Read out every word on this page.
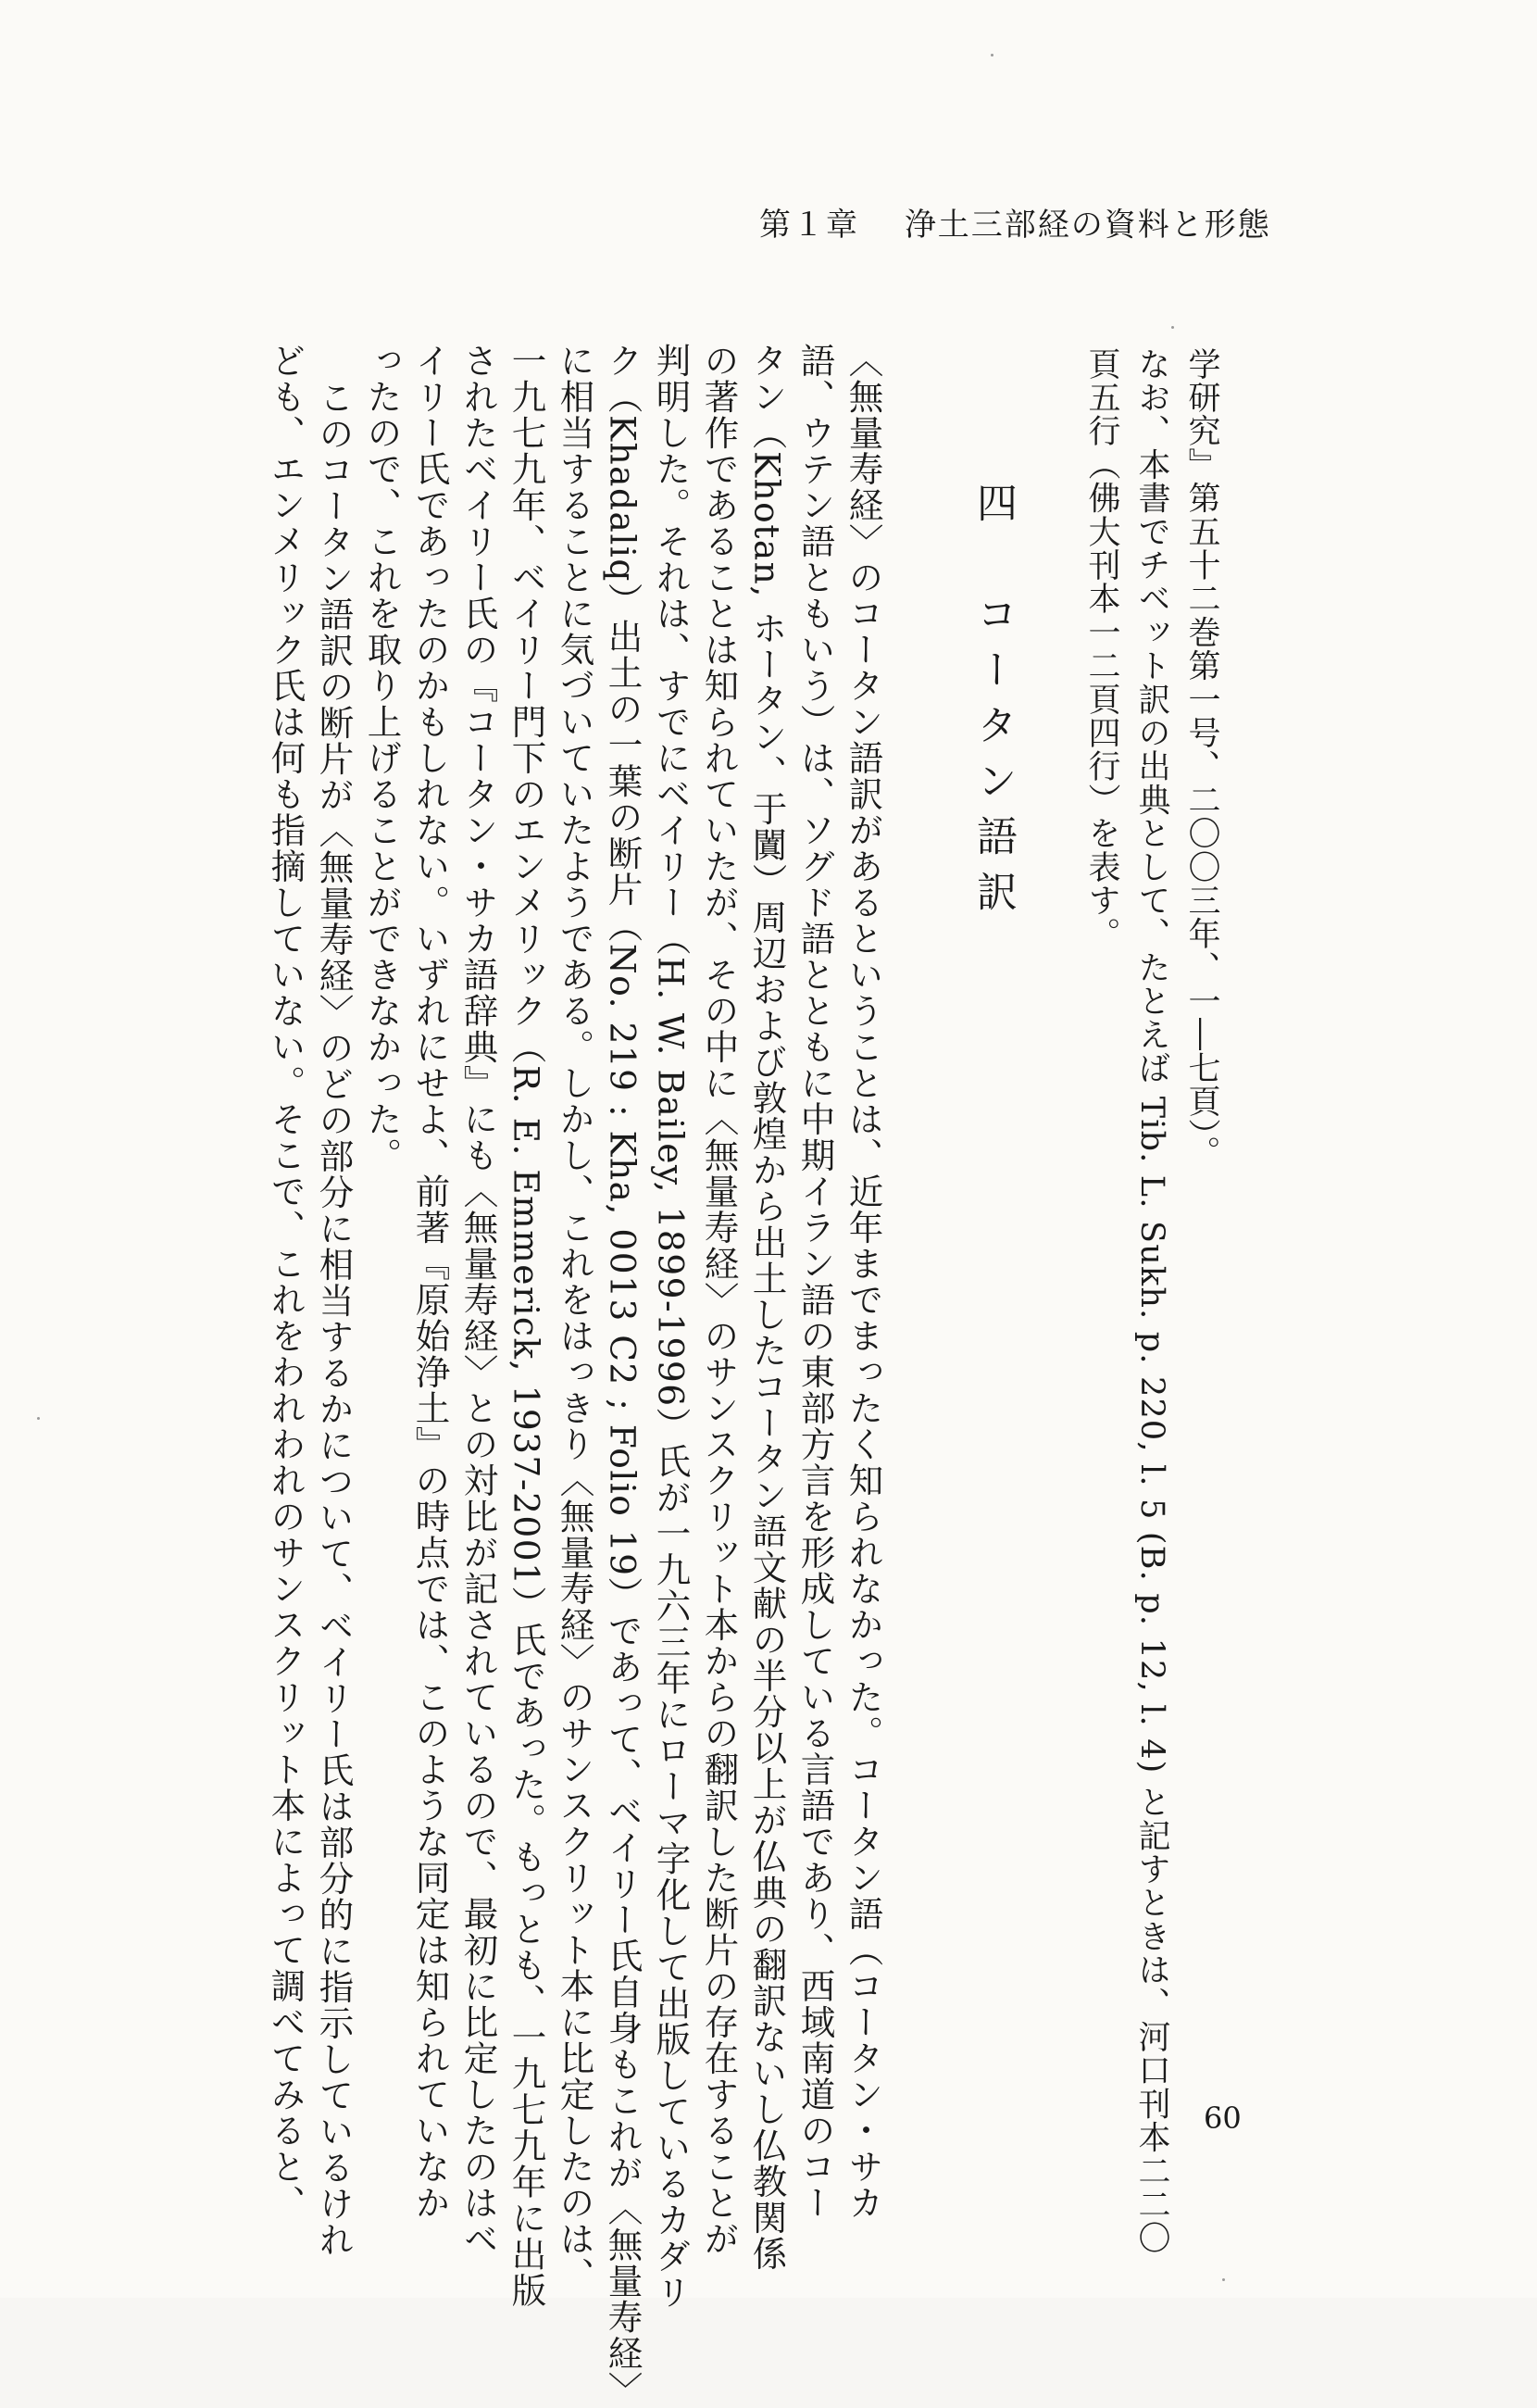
第１章 浄土三部経の資料と形態
学研究』第五十二巻第一号、二〇〇三年、一―七頁）。
なお、本書でチベット訳の出典として、たとえば Tib. L. Sukh. p. 220, l. 5 (B. p. 12, l. 4) と記すときは、河口刊本二二〇
頁五行（佛大刊本一二頁四行）を表す。
四　コータン語訳
〈無量寿経〉のコータン語訳があるということは、近年までまったく知られなかった。コータン語（コータン・サカ
語、ウテン語ともいう）は、ソグド語とともに中期イラン語の東部方言を形成している言語であり、西域南道のコー
タン（Khotan, ホータン、于闐）周辺および敦煌から出土したコータン語文献の半分以上が仏典の翻訳ないし仏教関係
の著作であることは知られていたが、その中に〈無量寿経〉のサンスクリット本からの翻訳した断片の存在することが
判明した。それは、すでにベイリー（H. W. Bailey, 1899-1996）氏が一九六三年にローマ字化して出版しているカダリ
ク（Khadaliq）出土の一葉の断片（No. 219 : Kha, 0013 C2 ; Folio 19）であって、ベイリー氏自身もこれが〈無量寿経〉
に相当することに気づいていたようである。しかし、これをはっきり〈無量寿経〉のサンスクリット本に比定したのは、
一九七九年、ベイリー門下のエンメリック（R. E. Emmerick, 1937-2001）氏であった。もっとも、一九七九年に出版
されたベイリー氏の『コータン・サカ語辞典』にも〈無量寿経〉との対比が記されているので、最初に比定したのはベ
イリー氏であったのかもしれない。いずれにせよ、前著『原始浄土』の時点では、このような同定は知られていなか
ったので、これを取り上げることができなかった。
このコータン語訳の断片が〈無量寿経〉のどの部分に相当するかについて、ベイリー氏は部分的に指示しているけれ
ども、エンメリック氏は何も指摘していない。そこで、これをわれわれのサンスクリット本によって調べてみると、	60
